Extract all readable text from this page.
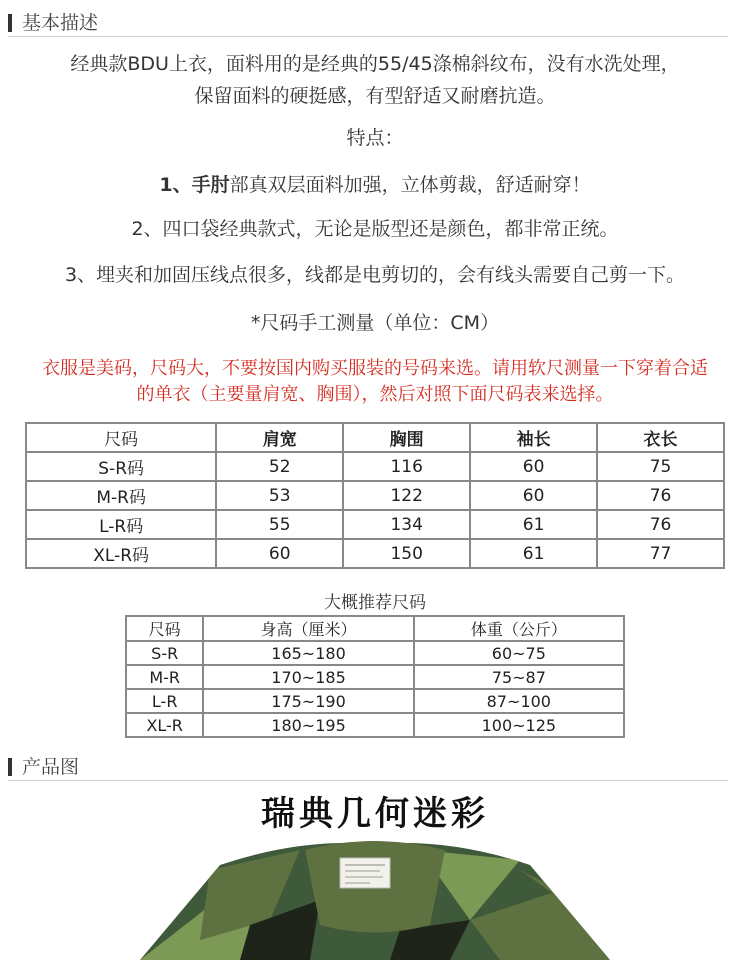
基本描述
经典款BDU上衣，面料用的是经典的55/45涤棉斜纹布，没有水洗处理，
保留面料的硬挺感，有型舒适又耐磨抗造。
特点：
1、手肘部真双层面料加强，立体剪裁，舒适耐穿！
2、四口袋经典款式，无论是版型还是颜色，都非常正统。
3、埋夹和加固压线点很多，线都是电剪切的，会有线头需要自己剪一下。
*尺码手工测量（单位：CM）
衣服是美码，尺码大，不要按国内购买服装的号码来选。请用软尺测量一下穿着合适
的单衣（主要量肩宽、胸围），然后对照下面尺码表来选择。
尺码	肩宽	胸围	袖长	衣长
S-R码	52	116	60	75
M-R码	53	122	60	76
L-R码	55	134	61	76
XL-R码	60	150	61	77
大概推荐尺码
尺码	身高（厘米）	体重（公斤）
S-R	165~180	60~75
M-R	170~185	75~87
L-R	175~190	87~100
XL-R	180~195	100~125
产品图
瑞典几何迷彩
